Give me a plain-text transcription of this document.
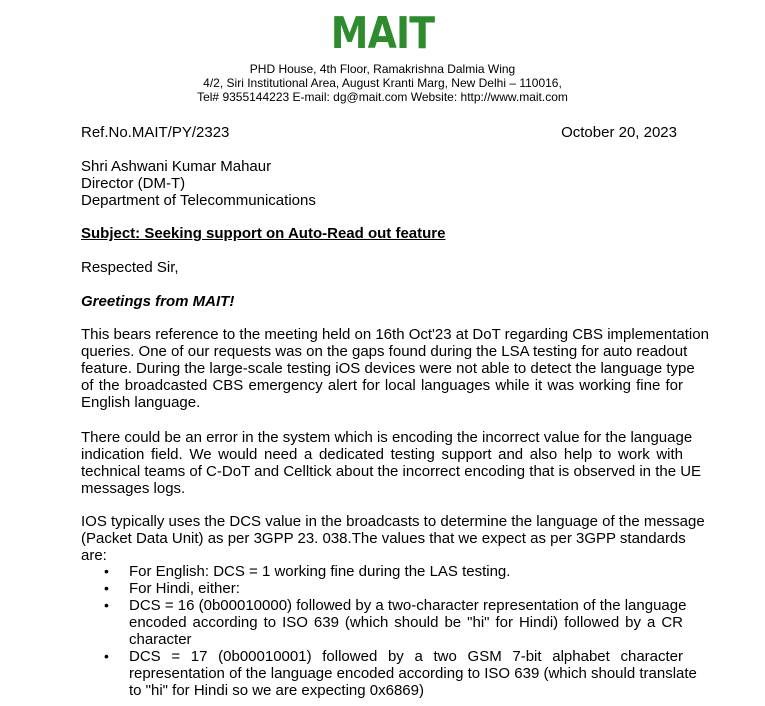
MAIT
PHD House, 4th Floor, Ramakrishna Dalmia Wing
4/2, Siri Institutional Area, August Kranti Marg, New Delhi – 110016,
Tel# 9355144223 E-mail: dg@mait.com Website: http://www.mait.com
Ref.No.MAIT/PY/2323	October 20, 2023
Shri Ashwani Kumar Mahaur
Director (DM-T)
Department of Telecommunications
Subject: Seeking support on Auto-Read out feature
Respected Sir,
Greetings from MAIT!
This bears reference to the meeting held on 16th Oct'23 at DoT regarding CBS implementation
queries. One of our requests was on the gaps found during the LSA testing for auto readout
feature. During the large-scale testing iOS devices were not able to detect the language type
of the broadcasted CBS emergency alert for local languages while it was working fine for
English language.
There could be an error in the system which is encoding the incorrect value for the language
indication field. We would need a dedicated testing support and also help to work with
technical teams of C-DoT and Celltick about the incorrect encoding that is observed in the UE
messages logs.
IOS typically uses the DCS value in the broadcasts to determine the language of the message
(Packet Data Unit) as per 3GPP 23. 038.The values that we expect as per 3GPP standards
are:
• For English: DCS = 1 working fine during the LAS testing.
• For Hindi, either:
• DCS = 16 (0b00010000) followed by a two-character representation of the language
encoded according to ISO 639 (which should be "hi" for Hindi) followed by a CR
character
• DCS = 17 (0b00010001) followed by a two GSM 7-bit alphabet character
representation of the language encoded according to ISO 639 (which should translate
to "hi" for Hindi so we are expecting 0x6869)
